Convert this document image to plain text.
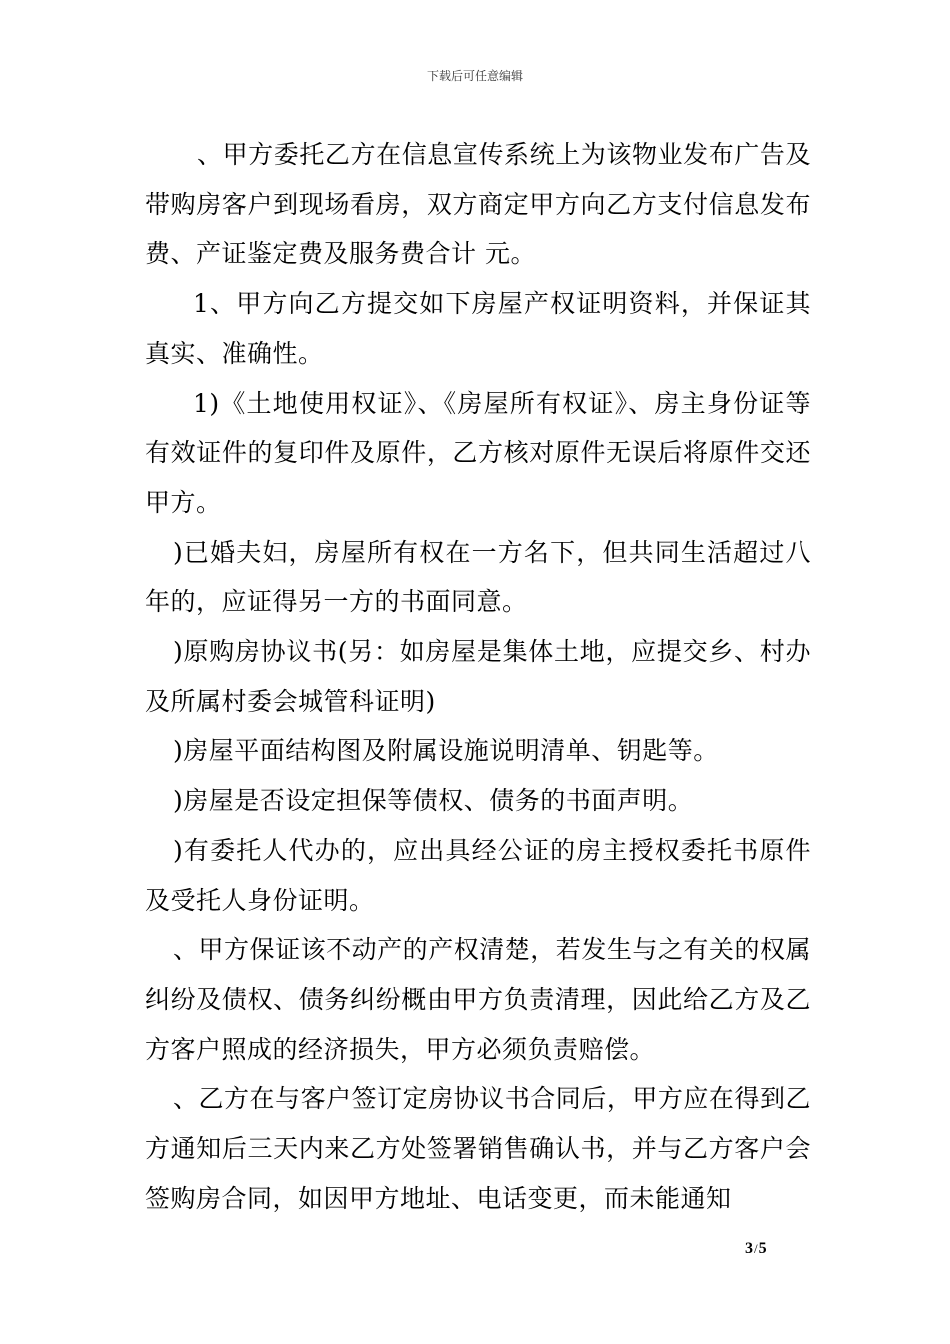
下载后可任意编辑

、甲方委托乙方在信息宣传系统上为该物业发布广告及带购房客户到现场看房，双方商定甲方向乙方支付信息发布费、产证鉴定费及服务费合计 元。

1、甲方向乙方提交如下房屋产权证明资料，并保证其真实、准确性。

1)《土地使用权证》、《房屋所有权证》、房主身份证等有效证件的复印件及原件，乙方核对原件无误后将原件交还甲方。

)已婚夫妇，房屋所有权在一方名下，但共同生活超过八年的，应证得另一方的书面同意。

)原购房协议书(另：如房屋是集体土地，应提交乡、村办及所属村委会城管科证明)

)房屋平面结构图及附属设施说明清单、钥匙等。

)房屋是否设定担保等债权、债务的书面声明。

)有委托人代办的，应出具经公证的房主授权委托书原件及受托人身份证明。

、甲方保证该不动产的产权清楚，若发生与之有关的权属纠纷及债权、债务纠纷概由甲方负责清理，因此给乙方及乙方客户照成的经济损失，甲方必须负责赔偿。

、乙方在与客户签订定房协议书合同后，甲方应在得到乙方通知后三天内来乙方处签署销售确认书，并与乙方客户会签购房合同，如因甲方地址、电话变更，而未能通知

3/5
